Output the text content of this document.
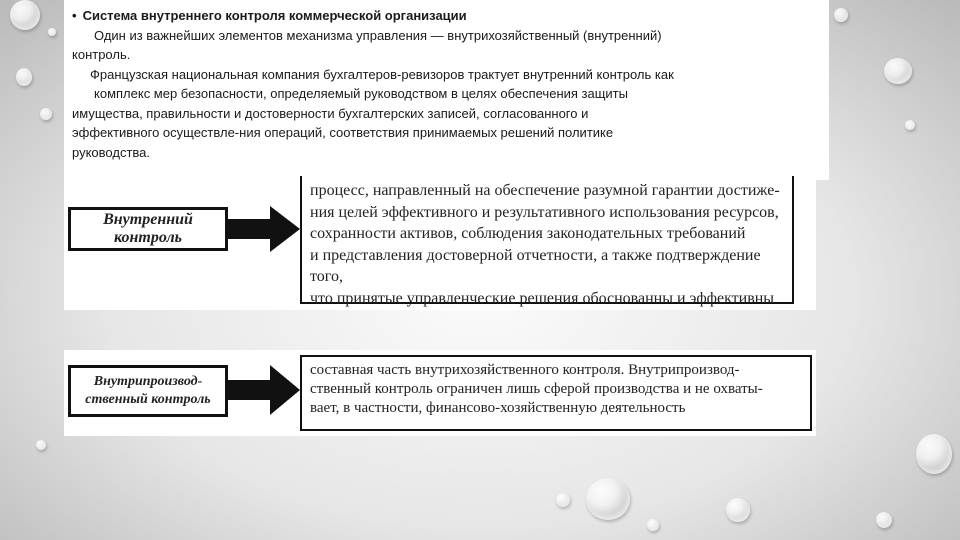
• Система внутреннего контроля коммерческой организации

Один из важнейших элементов механизма управления — внутрихозяйственный (внутренний)

контроль.

Французская национальная компания бухгалтеров-ревизоров трактует внутренний контроль как

комплекс мер безопасности, определяемый руководством в целях обеспечения защиты

имущества, правильности и достоверности бухгалтерских записей, согласованного и

эффективного осуществле-ния операций, соответствия принимаемых решений политике

руководства.

Внутренний контроль

процесс, направленный на обеспечение разумной гарантии достиже-

ния целей эффективного и результативного использования ресурсов,

сохранности активов, соблюдения законодательных требований

и представления достоверной отчетности, а также подтверждение того,

что принятые управленческие решения обоснованны и эффективны

Внутрипроизвод-
ственный контроль

составная часть внутрихозяйственного контроля. Внутрипроизвод-

ственный контроль ограничен лишь сферой производства и не охваты-

вает, в частности, финансово-хозяйственную деятельность
